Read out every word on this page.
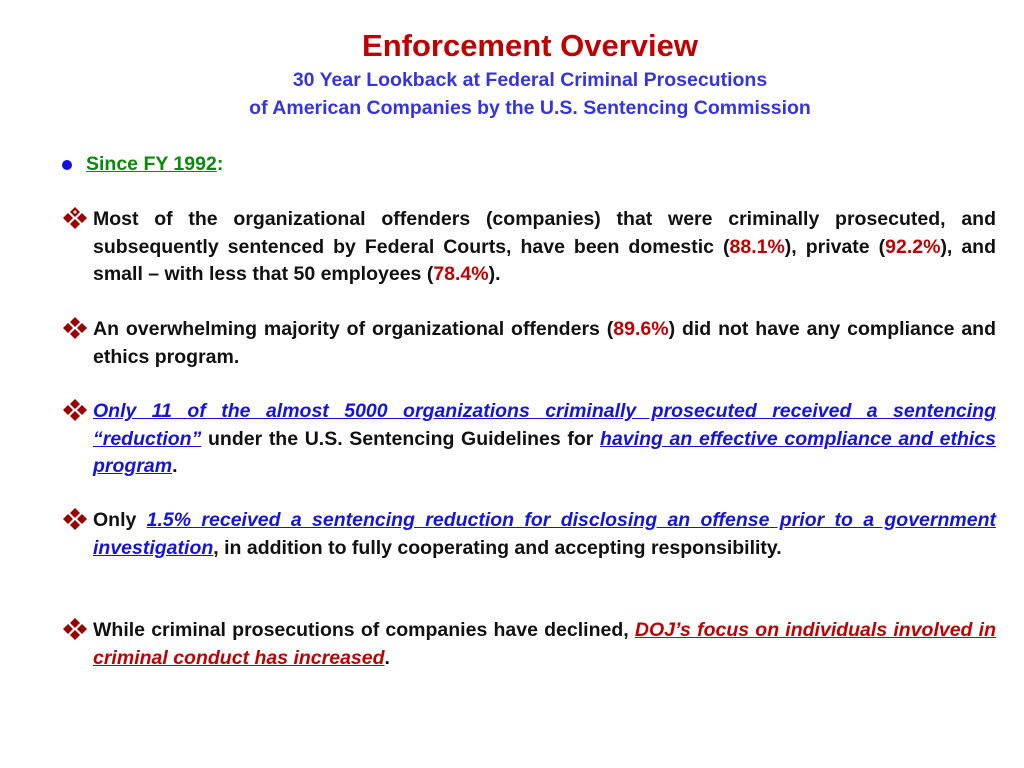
Enforcement Overview
30 Year Lookback at Federal Criminal Prosecutions
of American Companies by the U.S. Sentencing Commission
Since FY 1992 :
Most of the organizational offenders (companies) that were criminally prosecuted, and subsequently sentenced by Federal Courts, have been domestic (88.1%), private (92.2%), and small – with less that 50 employees (78.4%).
An overwhelming majority of organizational offenders (89.6%) did not have any compliance and ethics program.
Only 11 of the almost 5000 organizations criminally prosecuted received a sentencing “reduction” under the U.S. Sentencing Guidelines for having an effective compliance and ethics program.
Only 1.5% received a sentencing reduction for disclosing an offense prior to a government investigation, in addition to fully cooperating and accepting responsibility.
While criminal prosecutions of companies have declined, DOJ’s focus on individuals involved in criminal conduct has increased.
